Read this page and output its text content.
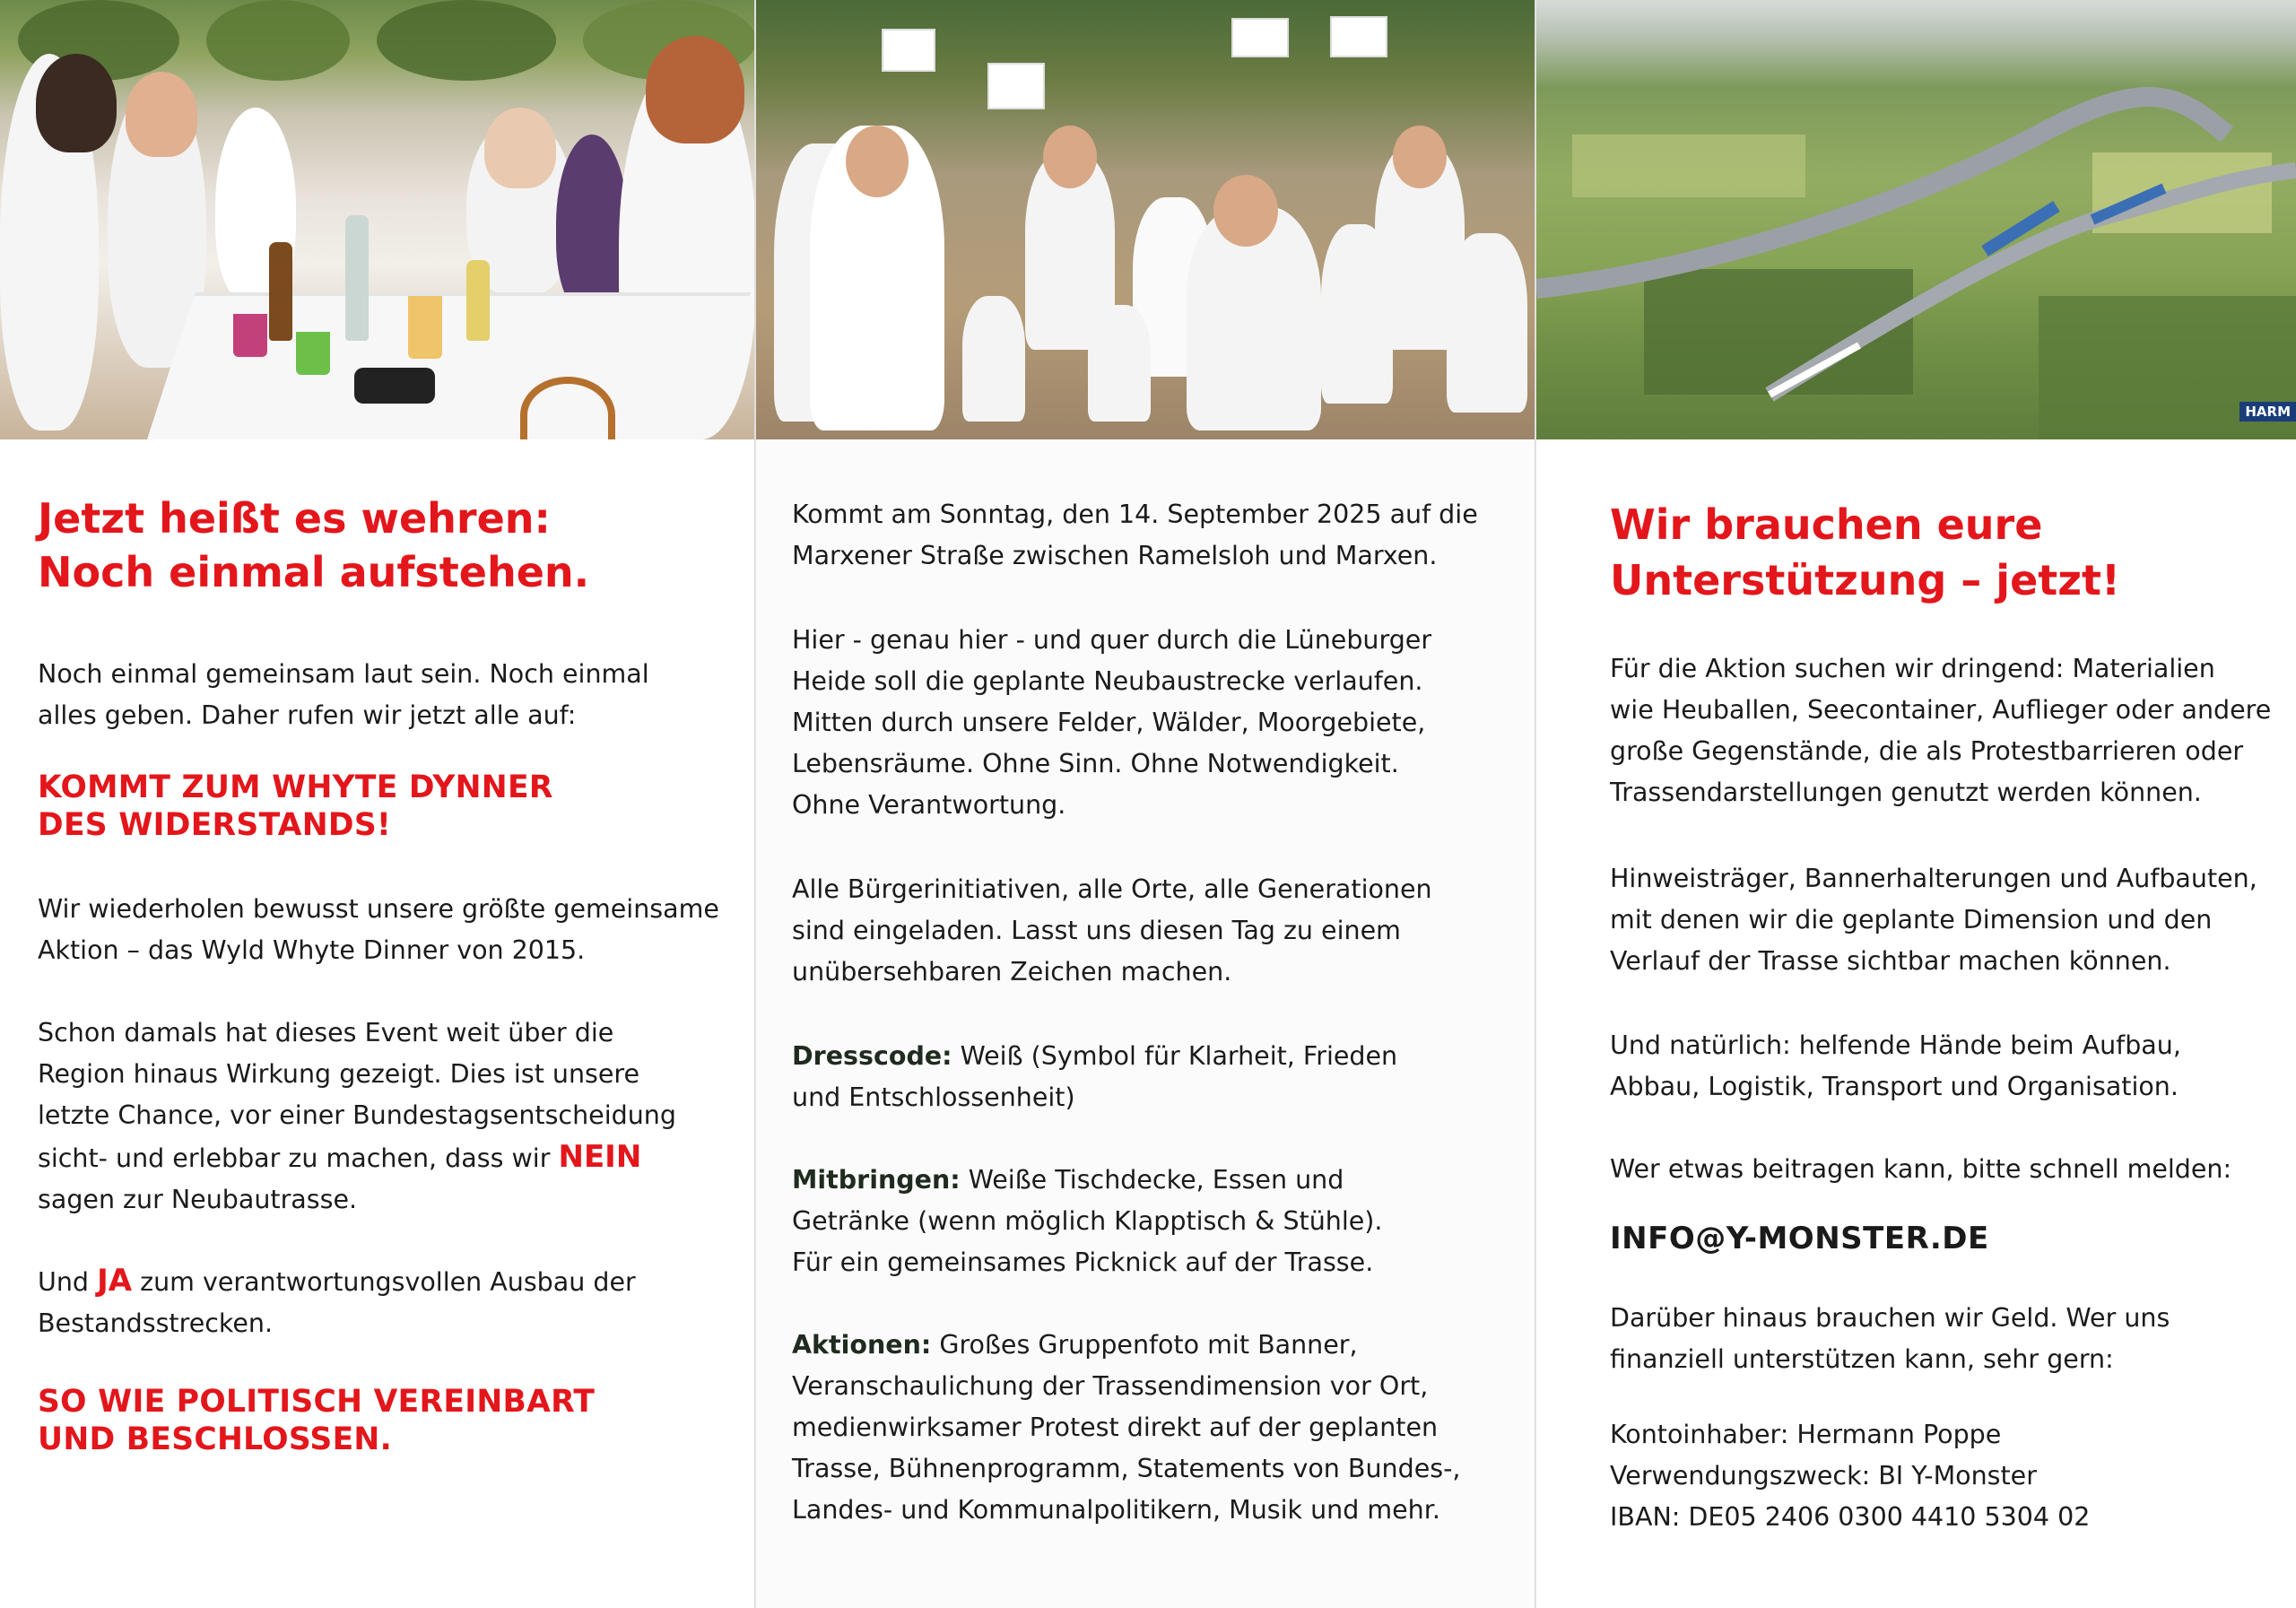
Jetzt heißt es wehren:
Noch einmal aufstehen.

Noch einmal gemeinsam laut sein. Noch einmal
alles geben. Daher rufen wir jetzt alle auf:

KOMMT ZUM WHYTE DYNNER
DES WIDERSTANDS!

Wir wiederholen bewusst unsere größte gemeinsame
Aktion – das Wyld Whyte Dinner von 2015.

Schon damals hat dieses Event weit über die
Region hinaus Wirkung gezeigt. Dies ist unsere
letzte Chance, vor einer Bundestagsentscheidung
sicht- und erlebbar zu machen, dass wir NEIN
sagen zur Neubautrasse.

Und JA zum verantwortungsvollen Ausbau der
Bestandsstrecken.

SO WIE POLITISCH VEREINBART
UND BESCHLOSSEN.

Kommt am Sonntag, den 14. September 2025 auf die
Marxener Straße zwischen Ramelsloh und Marxen.

Hier - genau hier - und quer durch die Lüneburger
Heide soll die geplante Neubaustrecke verlaufen.
Mitten durch unsere Felder, Wälder, Moorgebiete,
Lebensräume. Ohne Sinn. Ohne Notwendigkeit.
Ohne Verantwortung.

Alle Bürgerinitiativen, alle Orte, alle Generationen
sind eingeladen. Lasst uns diesen Tag zu einem
unübersehbaren Zeichen machen.

Dresscode: Weiß (Symbol für Klarheit, Frieden
und Entschlossenheit)

Mitbringen: Weiße Tischdecke, Essen und
Getränke (wenn möglich Klapptisch & Stühle).
Für ein gemeinsames Picknick auf der Trasse.

Aktionen: Großes Gruppenfoto mit Banner,
Veranschaulichung der Trassendimension vor Ort,
medienwirksamer Protest direkt auf der geplanten
Trasse, Bühnenprogramm, Statements von Bundes-,
Landes- und Kommunalpolitikern, Musik und mehr.

HARM
Wir brauchen eure
Unterstützung – jetzt!

Für die Aktion suchen wir dringend: Materialien
wie Heuballen, Seecontainer, Auflieger oder andere
große Gegenstände, die als Protestbarrieren oder
Trassendarstellungen genutzt werden können.

Hinweisträger, Bannerhalterungen und Aufbauten,
mit denen wir die geplante Dimension und den
Verlauf der Trasse sichtbar machen können.

Und natürlich: helfende Hände beim Aufbau,
Abbau, Logistik, Transport und Organisation.

Wer etwas beitragen kann, bitte schnell melden:

INFO@Y-MONSTER.DE

Darüber hinaus brauchen wir Geld. Wer uns
finanziell unterstützen kann, sehr gern:

Kontoinhaber: Hermann Poppe
Verwendungszweck: BI Y-Monster
IBAN: DE05 2406 0300 4410 5304 02
